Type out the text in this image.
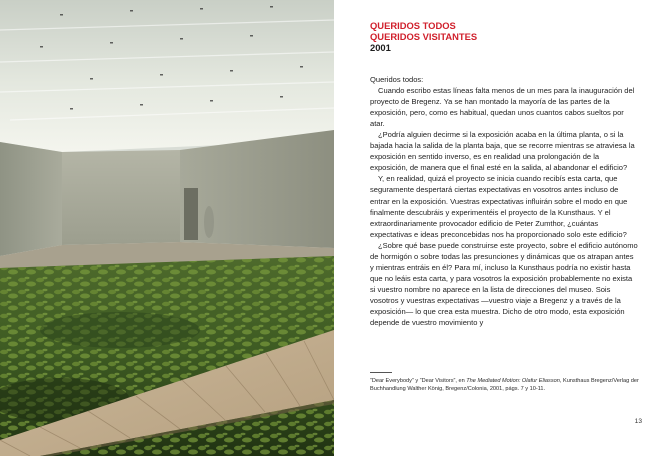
QUERIDOS TODOS
QUERIDOS VISITANTES
2001

Queridos todos:

Cuando escribo estas líneas falta menos de un mes para la inauguración del proyecto de Bregenz. Ya se han montado la mayoría de las partes de la exposición, pero, como es habitual, quedan unos cuantos cabos sueltos por atar.

¿Podría alguien decirme si la exposición acaba en la última planta, o si la bajada hacia la salida de la planta baja, que se recorre mientras se atraviesa la exposición en sentido inverso, es en realidad una prolongación de la exposición, de manera que el final esté en la salida, al abandonar el edificio?

Y, en realidad, quizá el proyecto se inicia cuando recibís esta carta, que seguramente despertará ciertas expectativas en vosotros antes incluso de entrar en la exposición. Vuestras expectativas influirán sobre el modo en que finalmente descubráis y experimentéis el proyecto de la Kunsthaus. Y el extraordinariamente provocador edificio de Peter Zumthor, ¿cuántas expectativas e ideas preconcebidas nos ha proporcionado solo este edificio?

¿Sobre qué base puede construirse este proyecto, sobre el edificio autónomo de hormigón o sobre todas las presunciones y dinámicas que os atrapan antes y mientras entráis en él? Para mí, incluso la Kunsthaus podría no existir hasta que no leáis esta carta, y para vosotros la exposición probablemente no exista si vuestro nombre no aparece en la lista de direcciones del museo. Sois vosotros y vuestras expectativas —vuestro viaje a Bregenz y a través de la exposición— lo que crea esta muestra. Dicho de otro modo, esta exposición depende de vuestro movimiento y

“Dear Everybody” y “Dear Visitors”, en The Mediated Motion: Olafur Eliasson, Kunsthaus Bregenz/Verlag der Buchhandlung Walther König, Bregenz/Colonia, 2001, págs. 7 y 10-11.
13
